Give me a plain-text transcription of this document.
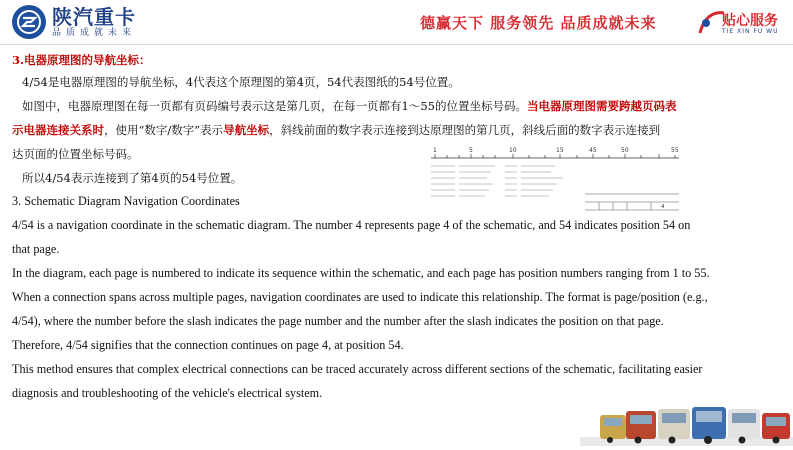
陕汽重卡
品质成就未来
德赢天下 服务领先 品质成就未来	贴心服务
TIE XIN FU WU
3.电器原理图的导航坐标：
4/54是电器原理图的导航坐标，4代表这个原理图的第4页，54代表图纸的54号位置。
如图中，电器原理图在每一页都有页码编号表示这是第几页，在每一页都有1～55的位置坐标号码。当电器原理图需要跨越页码表
示电器连接关系时，使用“数字/数字”表示导航坐标，斜线前面的数字表示连接到达原理图的第几页，斜线后面的数字表示连接到
达页面的位置坐标号码。
所以4/54表示连接到了第4页的54号位置。
1	5	10	15	45	50	55
4
3. Schematic Diagram Navigation Coordinates
4/54 is a navigation coordinate in the schematic diagram. The number 4 represents page 4 of the schematic, and 54 indicates position 54 on
that page.
In the diagram, each page is numbered to indicate its sequence within the schematic, and each page has position numbers ranging from 1 to 55.
When a connection spans across multiple pages, navigation coordinates are used to indicate this relationship. The format is page/position (e.g.,
4/54), where the number before the slash indicates the page number and the number after the slash indicates the position on that page.
Therefore, 4/54 signifies that the connection continues on page 4, at position 54.
This method ensures that complex electrical connections can be traced accurately across different sections of the schematic, facilitating easier
diagnosis and troubleshooting of the vehicle's electrical system.
